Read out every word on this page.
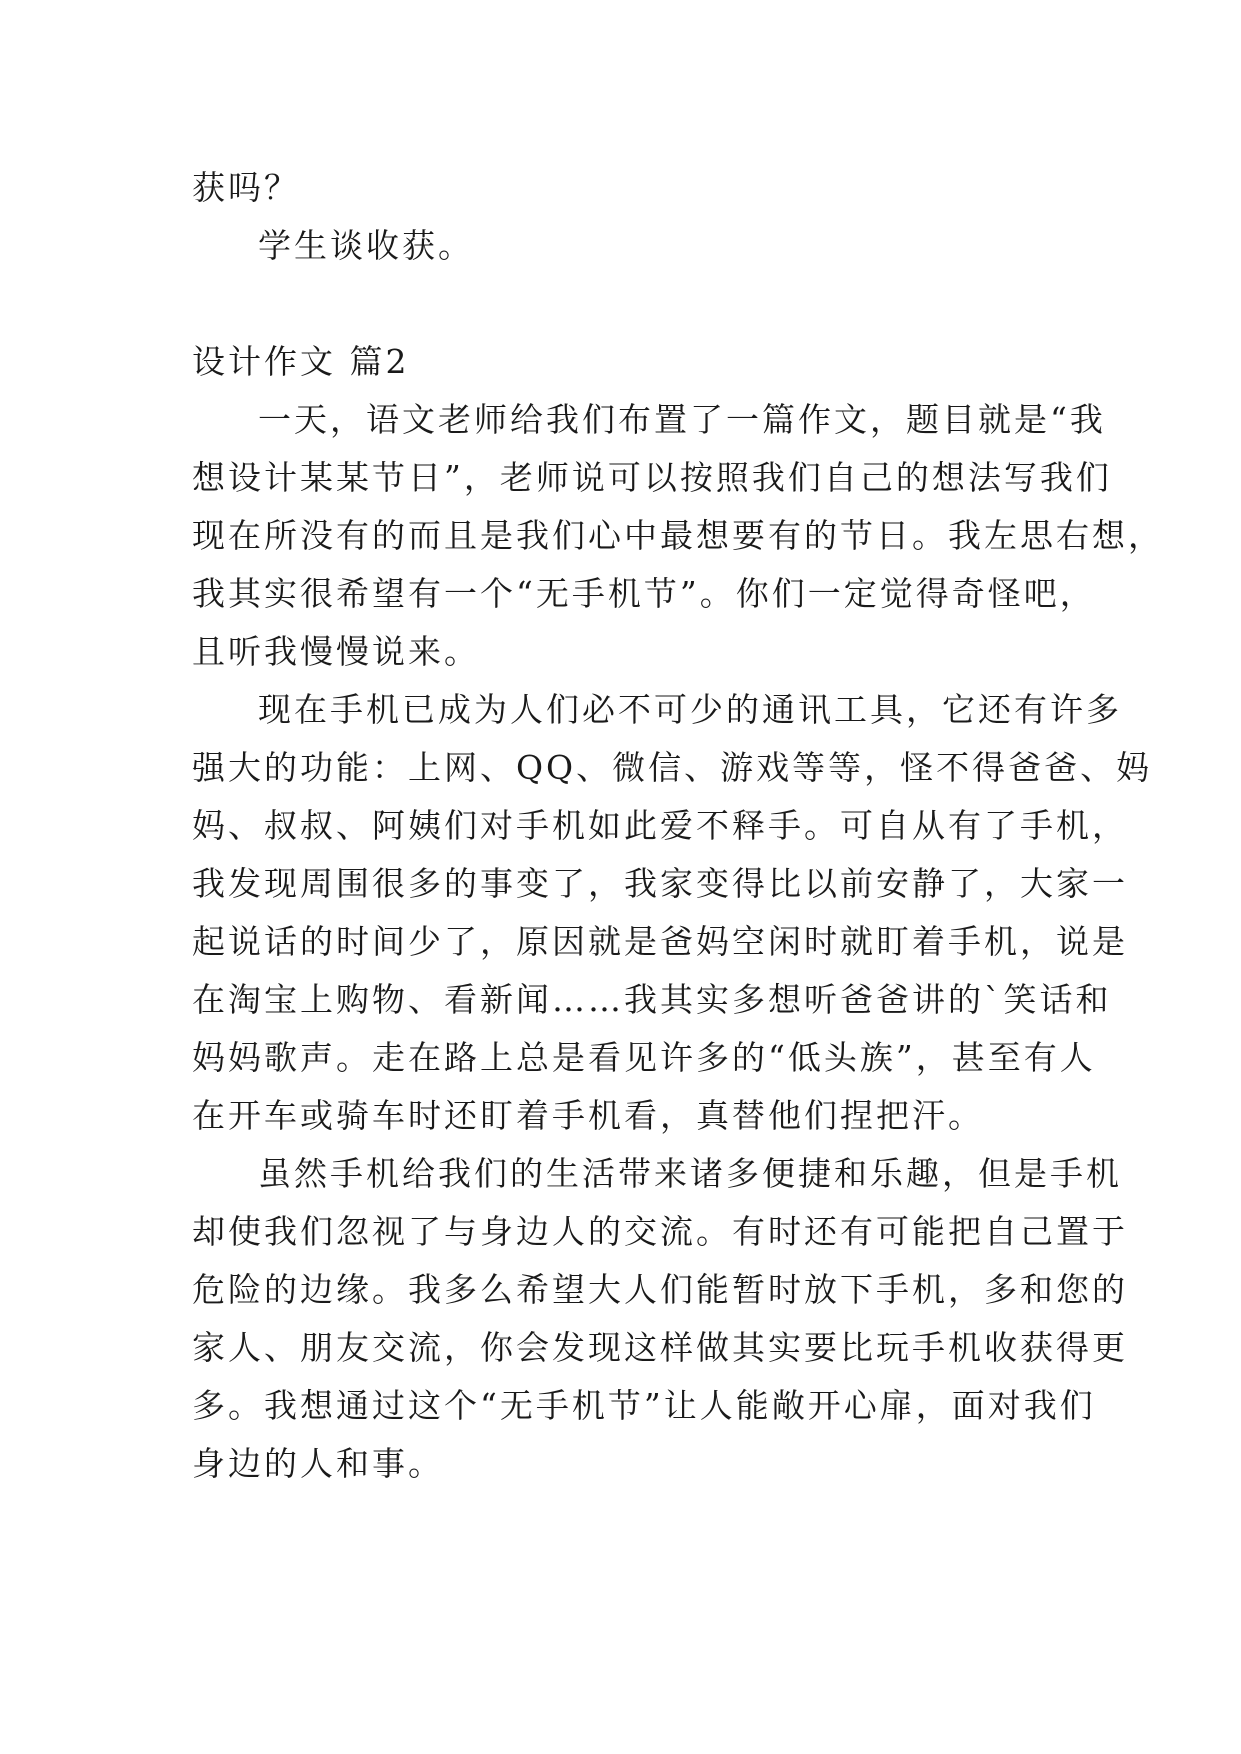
获吗？
学生谈收获。
设计作文 篇2
一天，语文老师给我们布置了一篇作文，题目就是“我
想设计某某节日”，老师说可以按照我们自己的想法写我们
现在所没有的而且是我们心中最想要有的节日。我左思右想，
我其实很希望有一个“无手机节”。你们一定觉得奇怪吧，
且听我慢慢说来。
现在手机已成为人们必不可少的通讯工具，它还有许多
强大的功能：上网、QQ、微信、游戏等等，怪不得爸爸、妈
妈、叔叔、阿姨们对手机如此爱不释手。可自从有了手机，
我发现周围很多的事变了，我家变得比以前安静了，大家一
起说话的时间少了，原因就是爸妈空闲时就盯着手机，说是
在淘宝上购物、看新闻……我其实多想听爸爸讲的`笑话和
妈妈歌声。走在路上总是看见许多的“低头族”，甚至有人
在开车或骑车时还盯着手机看，真替他们捏把汗。
虽然手机给我们的生活带来诸多便捷和乐趣，但是手机
却使我们忽视了与身边人的交流。有时还有可能把自己置于
危险的边缘。我多么希望大人们能暂时放下手机，多和您的
家人、朋友交流，你会发现这样做其实要比玩手机收获得更
多。我想通过这个“无手机节”让人能敞开心扉，面对我们
身边的人和事。
